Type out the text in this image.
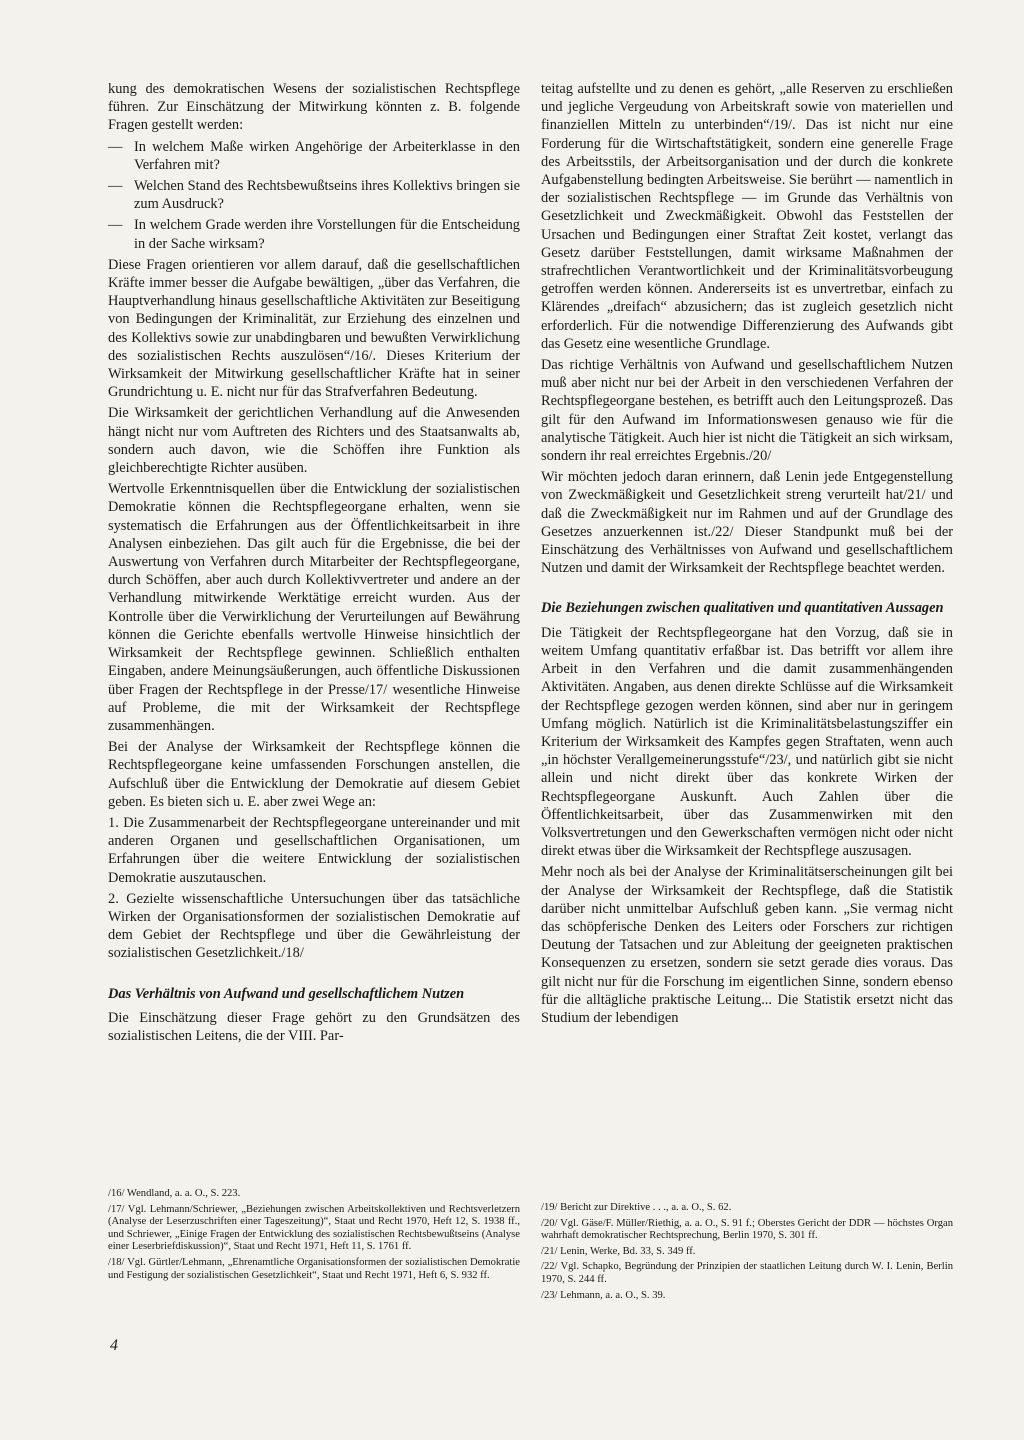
kung des demokratischen Wesens der sozialistischen Rechtspflege führen. Zur Einschätzung der Mitwirkung könnten z. B. folgende Fragen gestellt werden:

— In welchem Maße wirken Angehörige der Arbeiterklasse in den Verfahren mit?
— Welchen Stand des Rechtsbewußtseins ihres Kollektivs bringen sie zum Ausdruck?
— In welchem Grade werden ihre Vorstellungen für die Entscheidung in der Sache wirksam?

Diese Fragen orientieren vor allem darauf, daß die gesellschaftlichen Kräfte immer besser die Aufgabe bewältigen, „über das Verfahren, die Hauptverhandlung hinaus gesellschaftliche Aktivitäten zur Beseitigung von Bedingungen der Kriminalität, zur Erziehung des einzelnen und des Kollektivs sowie zur unabdingbaren und bewußten Verwirklichung des sozialistischen Rechts auszulösen“/16/. Dieses Kriterium der Wirksamkeit der Mitwirkung gesellschaftlicher Kräfte hat in seiner Grundrichtung u. E. nicht nur für das Strafverfahren Bedeutung.

Die Wirksamkeit der gerichtlichen Verhandlung auf die Anwesenden hängt nicht nur vom Auftreten des Richters und des Staatsanwalts ab, sondern auch davon, wie die Schöffen ihre Funktion als gleichberechtigte Richter ausüben.

Wertvolle Erkenntnisquellen über die Entwicklung der sozialistischen Demokratie können die Rechtspflegeorgane erhalten, wenn sie systematisch die Erfahrungen aus der Öffentlichkeitsarbeit in ihre Analysen einbeziehen. Das gilt auch für die Ergebnisse, die bei der Auswertung von Verfahren durch Mitarbeiter der Rechtspflegeorgane, durch Schöffen, aber auch durch Kollektivvertreter und andere an der Verhandlung mitwirkende Werktätige erreicht wurden. Aus der Kontrolle über die Verwirklichung der Verurteilungen auf Bewährung können die Gerichte ebenfalls wertvolle Hinweise hinsichtlich der Wirksamkeit der Rechtspflege gewinnen. Schließlich enthalten Eingaben, andere Meinungsäußerungen, auch öffentliche Diskussionen über Fragen der Rechtspflege in der Presse/17/ wesentliche Hinweise auf Probleme, die mit der Wirksamkeit der Rechtspflege zusammenhängen.

Bei der Analyse der Wirksamkeit der Rechtspflege können die Rechtspflegeorgane keine umfassenden Forschungen anstellen, die Aufschluß über die Entwicklung der Demokratie auf diesem Gebiet geben. Es bieten sich u. E. aber zwei Wege an:

1. Die Zusammenarbeit der Rechtspflegeorgane untereinander und mit anderen Organen und gesellschaftlichen Organisationen, um Erfahrungen über die weitere Entwicklung der sozialistischen Demokratie auszutauschen.

2. Gezielte wissenschaftliche Untersuchungen über das tatsächliche Wirken der Organisationsformen der sozialistischen Demokratie auf dem Gebiet der Rechtspflege und über die Gewährleistung der sozialistischen Gesetzlichkeit./18/

Das Verhältnis von Aufwand und gesellschaftlichem Nutzen

Die Einschätzung dieser Frage gehört zu den Grundsätzen des sozialistischen Leitens, die der VIII. Par-

teitag aufstellte und zu denen es gehört, „alle Reserven zu erschließen und jegliche Vergeudung von Arbeitskraft sowie von materiellen und finanziellen Mitteln zu unterbinden“/19/. Das ist nicht nur eine Forderung für die Wirtschaftstätigkeit, sondern eine generelle Frage des Arbeitsstils, der Arbeitsorganisation und der durch die konkrete Aufgabenstellung bedingten Arbeitsweise. Sie berührt — namentlich in der sozialistischen Rechtspflege — im Grunde das Verhältnis von Gesetzlichkeit und Zweckmäßigkeit. Obwohl das Feststellen der Ursachen und Bedingungen einer Straftat Zeit kostet, verlangt das Gesetz darüber Feststellungen, damit wirksame Maßnahmen der strafrechtlichen Verantwortlichkeit und der Kriminalitätsvorbeugung getroffen werden können. Andererseits ist es unvertretbar, einfach zu Klärendes „dreifach“ abzusichern; das ist zugleich gesetzlich nicht erforderlich. Für die notwendige Differenzierung des Aufwands gibt das Gesetz eine wesentliche Grundlage.

Das richtige Verhältnis von Aufwand und gesellschaftlichem Nutzen muß aber nicht nur bei der Arbeit in den verschiedenen Verfahren der Rechtspflegeorgane bestehen, es betrifft auch den Leitungsprozeß. Das gilt für den Aufwand im Informationswesen genauso wie für die analytische Tätigkeit. Auch hier ist nicht die Tätigkeit an sich wirksam, sondern ihr real erreichtes Ergebnis./20/

Wir möchten jedoch daran erinnern, daß Lenin jede Entgegenstellung von Zweckmäßigkeit und Gesetzlichkeit streng verurteilt hat/21/ und daß die Zweckmäßigkeit nur im Rahmen und auf der Grundlage des Gesetzes anzuerkennen ist./22/ Dieser Standpunkt muß bei der Einschätzung des Verhältnisses von Aufwand und gesellschaftlichem Nutzen und damit der Wirksamkeit der Rechtspflege beachtet werden.

Die Beziehungen zwischen qualitativen und quantitativen Aussagen

Die Tätigkeit der Rechtspflegeorgane hat den Vorzug, daß sie in weitem Umfang quantitativ erfaßbar ist. Das betrifft vor allem ihre Arbeit in den Verfahren und die damit zusammenhängenden Aktivitäten. Angaben, aus denen direkte Schlüsse auf die Wirksamkeit der Rechtspflege gezogen werden können, sind aber nur in geringem Umfang möglich. Natürlich ist die Kriminalitätsbelastungsziffer ein Kriterium der Wirksamkeit des Kampfes gegen Straftaten, wenn auch „in höchster Verallgemeinerungsstufe“/23/, und natürlich gibt sie nicht allein und nicht direkt über das konkrete Wirken der Rechtspflegeorgane Auskunft. Auch Zahlen über die Öffentlichkeitsarbeit, über das Zusammenwirken mit den Volksvertretungen und den Gewerkschaften vermögen nicht oder nicht direkt etwas über die Wirksamkeit der Rechtspflege auszusagen.

Mehr noch als bei der Analyse der Kriminalitätserscheinungen gilt bei der Analyse der Wirksamkeit der Rechtspflege, daß die Statistik darüber nicht unmittelbar Aufschluß geben kann. „Sie vermag nicht das schöpferische Denken des Leiters oder Forschers zur richtigen Deutung der Tatsachen und zur Ableitung der geeigneten praktischen Konsequenzen zu ersetzen, sondern sie setzt gerade dies voraus. Das gilt nicht nur für die Forschung im eigentlichen Sinne, sondern ebenso für die alltägliche praktische Leitung... Die Statistik ersetzt nicht das Studium der lebendigen

/16/ Wendland, a. a. O., S. 223.

/17/ Vgl. Lehmann/Schriewer, „Beziehungen zwischen Arbeitskollektiven und Rechtsverletzern (Analyse der Leserzuschriften einer Tageszeitung)“, Staat und Recht 1970, Heft 12, S. 1938 ff., und Schriewer, „Einige Fragen der Entwicklung des sozialistischen Rechtsbewußtseins (Analyse einer Leserbriefdiskussion)“, Staat und Recht 1971, Heft 11, S. 1761 ff.

/18/ Vgl. Gürtler/Lehmann, „Ehrenamtliche Organisationsformen der sozialistischen Demokratie und Festigung der sozialistischen Gesetzlichkeit“, Staat und Recht 1971, Heft 6, S. 932 ff.

/19/ Bericht zur Direktive . . ., a. a. O., S. 62.

/20/ Vgl. Gäse/F. Müller/Riethig, a. a. O., S. 91 f.; Oberstes Gericht der DDR — höchstes Organ wahrhaft demokratischer Rechtsprechung, Berlin 1970, S. 301 ff.

/21/ Lenin, Werke, Bd. 33, S. 349 ff.

/22/ Vgl. Schapko, Begründung der Prinzipien der staatlichen Leitung durch W. I. Lenin, Berlin 1970, S. 244 ff.

/23/ Lehmann, a. a. O., S. 39.

4
